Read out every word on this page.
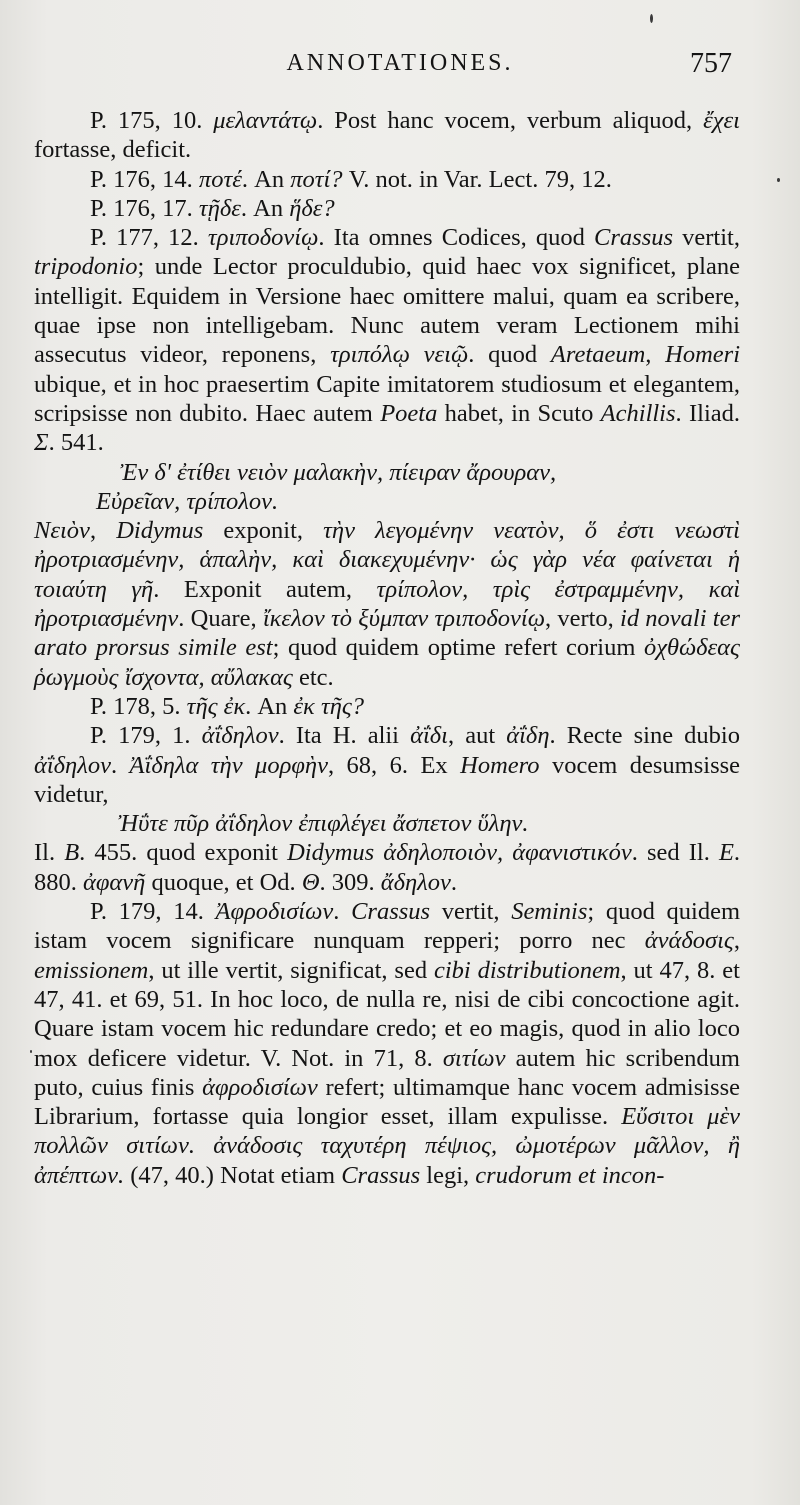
ANNOTATIONES.	757

P. 175, 10. μελαντάτῳ. Post hanc vocem, verbum aliquod, ἔχει fortasse, deficit.

P. 176, 14. ποτέ. An ποτί? V. not. in Var. Lect. 79, 12.

P. 176, 17. τῇδε. An ἥδε?

P. 177, 12. τριποδονίῳ. Ita omnes Codices, quod Crassus vertit, tripodonio; unde Lector proculdubio, quid haec vox significet, plane intelligit. Equidem in Versione haec omittere malui, quam ea scribere, quae ipse non intelligebam. Nunc autem veram Lectionem mihi assecutus videor, reponens, τριπόλῳ νειῷ. quod Aretaeum, Homeri ubique, et in hoc praesertim Capite imitatorem studiosum et elegantem, scripsisse non dubito. Haec autem Poeta habet, in Scuto Achillis. Iliad. Σ. 541.

Ἐν δ' ἐτίθει νειὸν μαλακὴν, πίειραν ἄρουραν,

Εὐρεῖαν, τρίπολον.

Νειὸν, Didymus exponit, τὴν λεγομένην νεατὸν, ὅ ἐστι νεωστὶ ἠροτριασμένην, ἁπαλὴν, καὶ διακεχυμένην· ὡς γὰρ νέα φαίνεται ἡ τοιαύτη γῆ. Exponit autem, τρίπολον, τρὶς ἐστραμμένην, καὶ ἠροτριασμένην. Quare, ἴκελον τὸ ξύμπαν τριποδονίῳ, verto, id novali ter arato prorsus simile est; quod quidem optime refert corium ὀχθώδεας ῥωγμοὺς ἴσχοντα, αὔλακας etc.

P. 178, 5. τῆς ἐκ. An ἐκ τῆς?

P. 179, 1. ἀΐδηλον. Ita H. alii ἀΐδι, aut ἀΐδη. Recte sine dubio ἀΐδηλον. Ἀΐδηλα τὴν μορφὴν, 68, 6. Ex Homero vocem desumsisse videtur,

Ἠΰτε πῦρ ἀΐδηλον ἐπιφλέγει ἄσπετον ὕλην.

Il. Β. 455. quod exponit Didymus ἀδηλοποιὸν, ἀφανιστικόν. sed Il. Ε. 880. ἀφανῆ quoque, et Od. Θ. 309. ἄδηλον.

P. 179, 14. Ἀφροδισίων. Crassus vertit, Seminis; quod quidem istam vocem significare nunquam repperi; porro nec ἀνάδοσις, emissionem, ut ille vertit, significat, sed cibi distributionem, ut 47, 8. et 47, 41. et 69, 51. In hoc loco, de nulla re, nisi de cibi concoctione agit. Quare istam vocem hic redundare credo; et eo magis, quod in alio loco mox deficere videtur. V. Not. in 71, 8. σιτίων autem hic scribendum puto, cuius finis ἀφροδισίων refert; ultimamque hanc vocem admisisse Librarium, fortasse quia longior esset, illam expulisse. Εὔσιτοι μὲν πολλῶν σιτίων. ἀνάδοσις ταχυτέρη πέψιος, ὠμοτέρων μᾶλλον, ἢ ἀπέπτων. (47, 40.) Notat etiam Crassus legi, crudorum et incon-
